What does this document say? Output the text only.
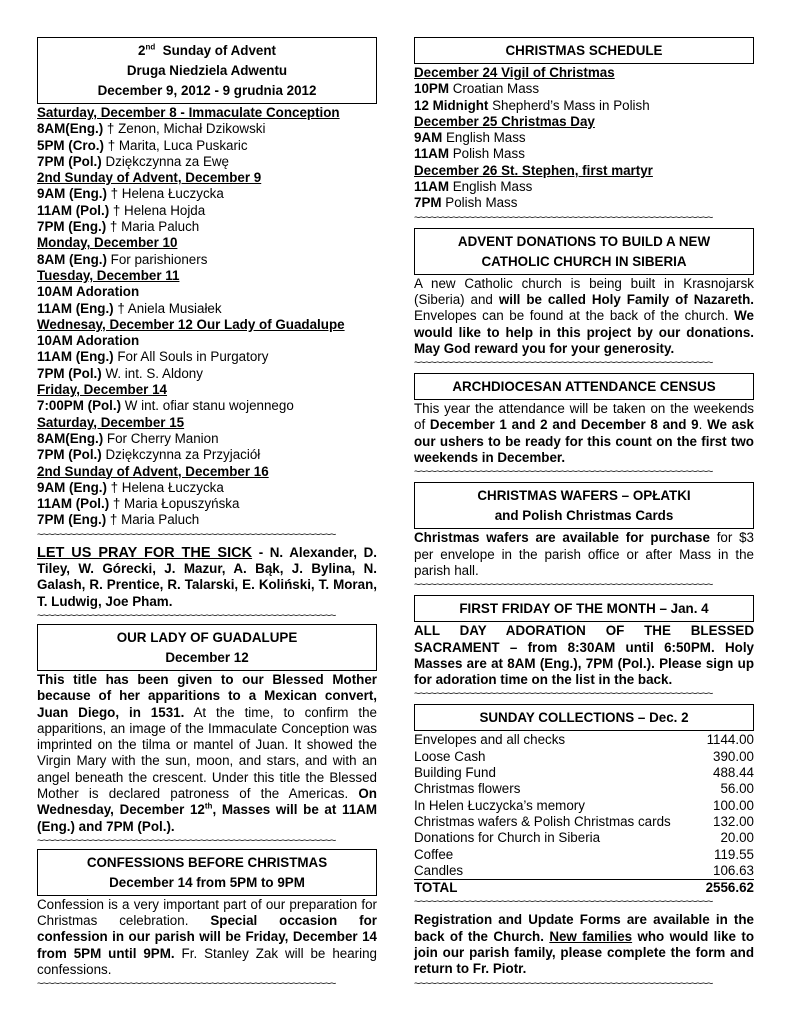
2nd Sunday of Advent
Druga Niedziela Adwentu
December 9, 2012 - 9 grudnia 2012
Saturday, December 8 - Immaculate Conception
8AM(Eng.) † Zenon, Michał Dzikowski
5PM (Cro.) † Marita, Luca Puskaric
7PM (Pol.) Dziękczynna za Ewę
2nd Sunday of Advent, December 9
9AM (Eng.) † Helena Łuczycka
11AM (Pol.) † Helena Hojda
7PM (Eng.) † Maria Paluch
Monday, December 10
8AM (Eng.) For parishioners
Tuesday, December 11
10AM Adoration
11AM (Eng.) † Aniela Musiałek
Wednesay, December 12 Our Lady of Guadalupe
10AM Adoration
11AM (Eng.) For All Souls in Purgatory
7PM (Pol.) W. int. S. Aldony
Friday, December 14
7:00PM (Pol.) W int. ofiar stanu wojennego
Saturday, December 15
8AM(Eng.) For Cherry Manion
7PM (Pol.) Dziękczynna za Przyjaciół
2nd Sunday of Advent, December 16
9AM (Eng.) † Helena Łuczycka
11AM (Pol.) † Maria Łopuszyńska
7PM (Eng.) † Maria Paluch
~~~~~~~~~~~~~~~~~~~~~~~~~~~~~~~~~~~~~~~~~~~~~~~~~~~~~~~

LET US PRAY FOR THE SICK - N. Alexander, D. Tiley, W. Górecki, J. Mazur, A. Bąk, J. Bylina, N. Galash, R. Prentice, R. Talarski, E. Koliński, T. Moran, T. Ludwig, Joe Pham.

~~~~~~~~~~~~~~~~~~~~~~~~~~~~~~~~~~~~~~~~~~~~~~~~~~~~~~~
OUR LADY OF GUADALUPE
December 12

This title has been given to our Blessed Mother because of her apparitions to a Mexican convert, Juan Diego, in 1531. At the time, to confirm the apparitions, an image of the Immaculate Conception was imprinted on the tilma or mantel of Juan. It showed the Virgin Mary with the sun, moon, and stars, and with an angel beneath the crescent. Under this title the Blessed Mother is declared patroness of the Americas. On Wednesday, December 12th, Masses will be at 11AM (Eng.) and 7PM (Pol.).

~~~~~~~~~~~~~~~~~~~~~~~~~~~~~~~~~~~~~~~~~~~~~~~~~~~~~~~
CONFESSIONS BEFORE CHRISTMAS
December 14 from 5PM to 9PM

Confession is a very important part of our preparation for Christmas celebration. Special occasion for confession in our parish will be Friday, December 14 from 5PM until 9PM. Fr. Stanley Zak will be hearing confessions.

~~~~~~~~~~~~~~~~~~~~~~~~~~~~~~~~~~~~~~~~~~~~~~~~~~~~~~~
CHRISTMAS SCHEDULE
December 24 Vigil of Christmas
10PM Croatian Mass
12 Midnight Shepherd’s Mass in Polish
December 25 Christmas Day
9AM English Mass
11AM Polish Mass
December 26 St. Stephen, first martyr
11AM English Mass
7PM Polish Mass
~~~~~~~~~~~~~~~~~~~~~~~~~~~~~~~~~~~~~~~~~~~~~~~~~~~~~~~
ADVENT DONATIONS TO BUILD A NEW
CATHOLIC CHURCH IN SIBERIA

A new Catholic church is being built in Krasnojarsk (Siberia) and will be called Holy Family of Nazareth. Envelopes can be found at the back of the church. We would like to help in this project by our donations. May God reward you for your generosity.

~~~~~~~~~~~~~~~~~~~~~~~~~~~~~~~~~~~~~~~~~~~~~~~~~~~~~~~
ARCHDIOCESAN ATTENDANCE CENSUS

This year the attendance will be taken on the weekends of December 1 and 2 and December 8 and 9. We ask our ushers to be ready for this count on the first two weekends in December.

~~~~~~~~~~~~~~~~~~~~~~~~~~~~~~~~~~~~~~~~~~~~~~~~~~~~~~~
CHRISTMAS WAFERS – OPŁATKI
and Polish Christmas Cards

Christmas wafers are available for purchase for $3 per envelope in the parish office or after Mass in the parish hall.

~~~~~~~~~~~~~~~~~~~~~~~~~~~~~~~~~~~~~~~~~~~~~~~~~~~~~~~
FIRST FRIDAY OF THE MONTH – Jan. 4
ALL DAY ADORATION OF THE BLESSED SACRAMENT – from 8:30AM until 6:50PM. Holy Masses are at 8AM (Eng.), 7PM (Pol.). Please sign up for adoration time on the list in the back.
~~~~~~~~~~~~~~~~~~~~~~~~~~~~~~~~~~~~~~~~~~~~~~~~~~~~~~~
SUNDAY COLLECTIONS – Dec. 2
Envelopes and all checks	1144.00
Loose Cash	390.00
Building Fund	488.44
Christmas flowers	56.00
In Helen Łuczycka’s memory	100.00
Christmas wafers & Polish Christmas cards	132.00
Donations for Church in Siberia	20.00
Coffee	119.55
Candles	106.63
TOTAL	2556.62
~~~~~~~~~~~~~~~~~~~~~~~~~~~~~~~~~~~~~~~~~~~~~~~~~~~~~~~

Registration and Update Forms are available in the back of the Church. New families who would like to join our parish family, please complete the form and return to Fr. Piotr.

~~~~~~~~~~~~~~~~~~~~~~~~~~~~~~~~~~~~~~~~~~~~~~~~~~~~~~~
